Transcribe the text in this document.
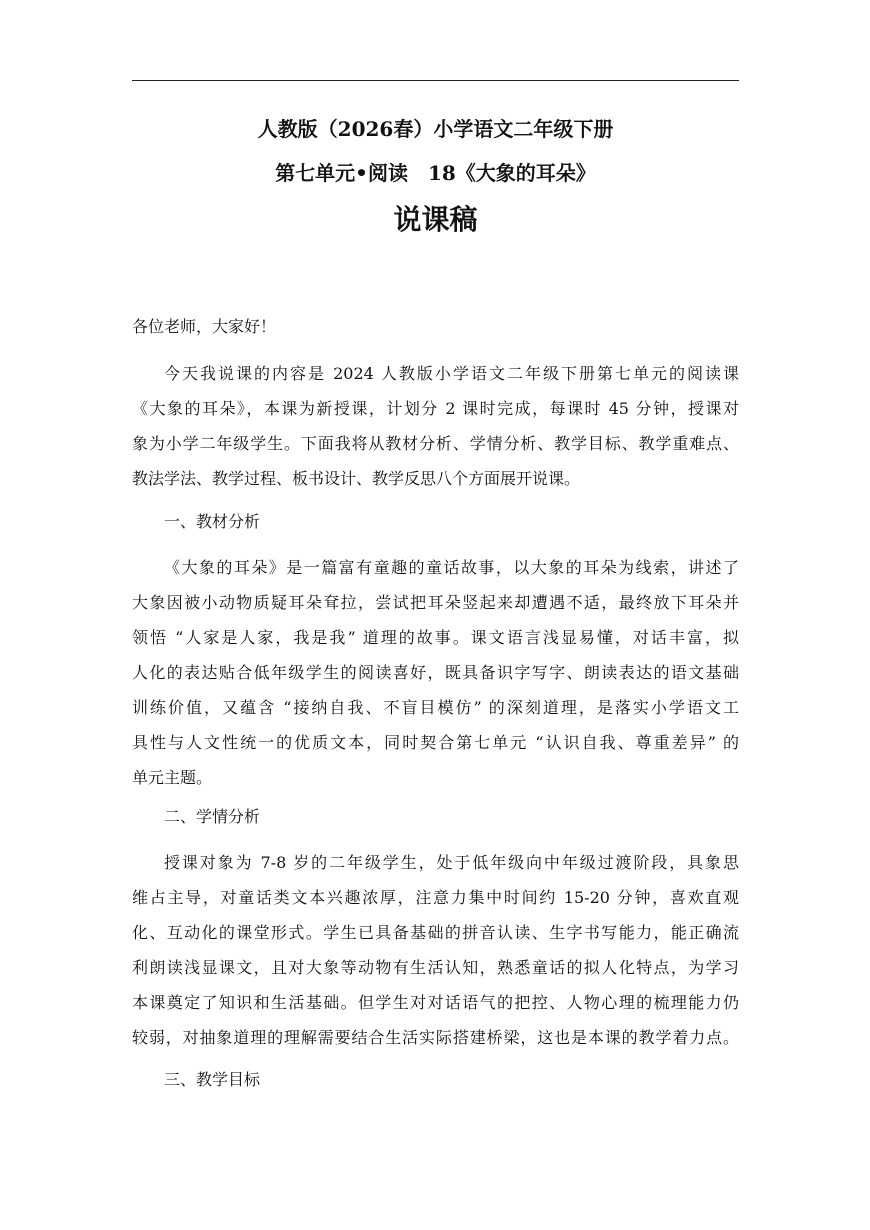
人教版（2026春）小学语文二年级下册
第七单元•阅读　18《大象的耳朵》
说课稿
各位老师，大家好！
今天我说课的内容是 2024 人教版小学语文二年级下册第七单元的阅读课
《大象的耳朵》，本课为新授课，计划分 2 课时完成，每课时 45 分钟，授课对
象为小学二年级学生。下面我将从教材分析、学情分析、教学目标、教学重难点、
教法学法、教学过程、板书设计、教学反思八个方面展开说课。
一、教材分析
《大象的耳朵》是一篇富有童趣的童话故事，以大象的耳朵为线索，讲述了
大象因被小动物质疑耳朵耷拉，尝试把耳朵竖起来却遭遇不适，最终放下耳朵并
领悟 “人家是人家，我是我” 道理的故事。课文语言浅显易懂，对话丰富，拟
人化的表达贴合低年级学生的阅读喜好，既具备识字写字、朗读表达的语文基础
训练价值，又蕴含 “接纳自我、不盲目模仿” 的深刻道理，是落实小学语文工
具性与人文性统一的优质文本，同时契合第七单元 “认识自我、尊重差异” 的
单元主题。
二、学情分析
授课对象为 7-8 岁的二年级学生，处于低年级向中年级过渡阶段，具象思
维占主导，对童话类文本兴趣浓厚，注意力集中时间约 15-20 分钟，喜欢直观
化、互动化的课堂形式。学生已具备基础的拼音认读、生字书写能力，能正确流
利朗读浅显课文，且对大象等动物有生活认知，熟悉童话的拟人化特点，为学习
本课奠定了知识和生活基础。但学生对对话语气的把控、人物心理的梳理能力仍
较弱，对抽象道理的理解需要结合生活实际搭建桥梁，这也是本课的教学着力点。
三、教学目标
